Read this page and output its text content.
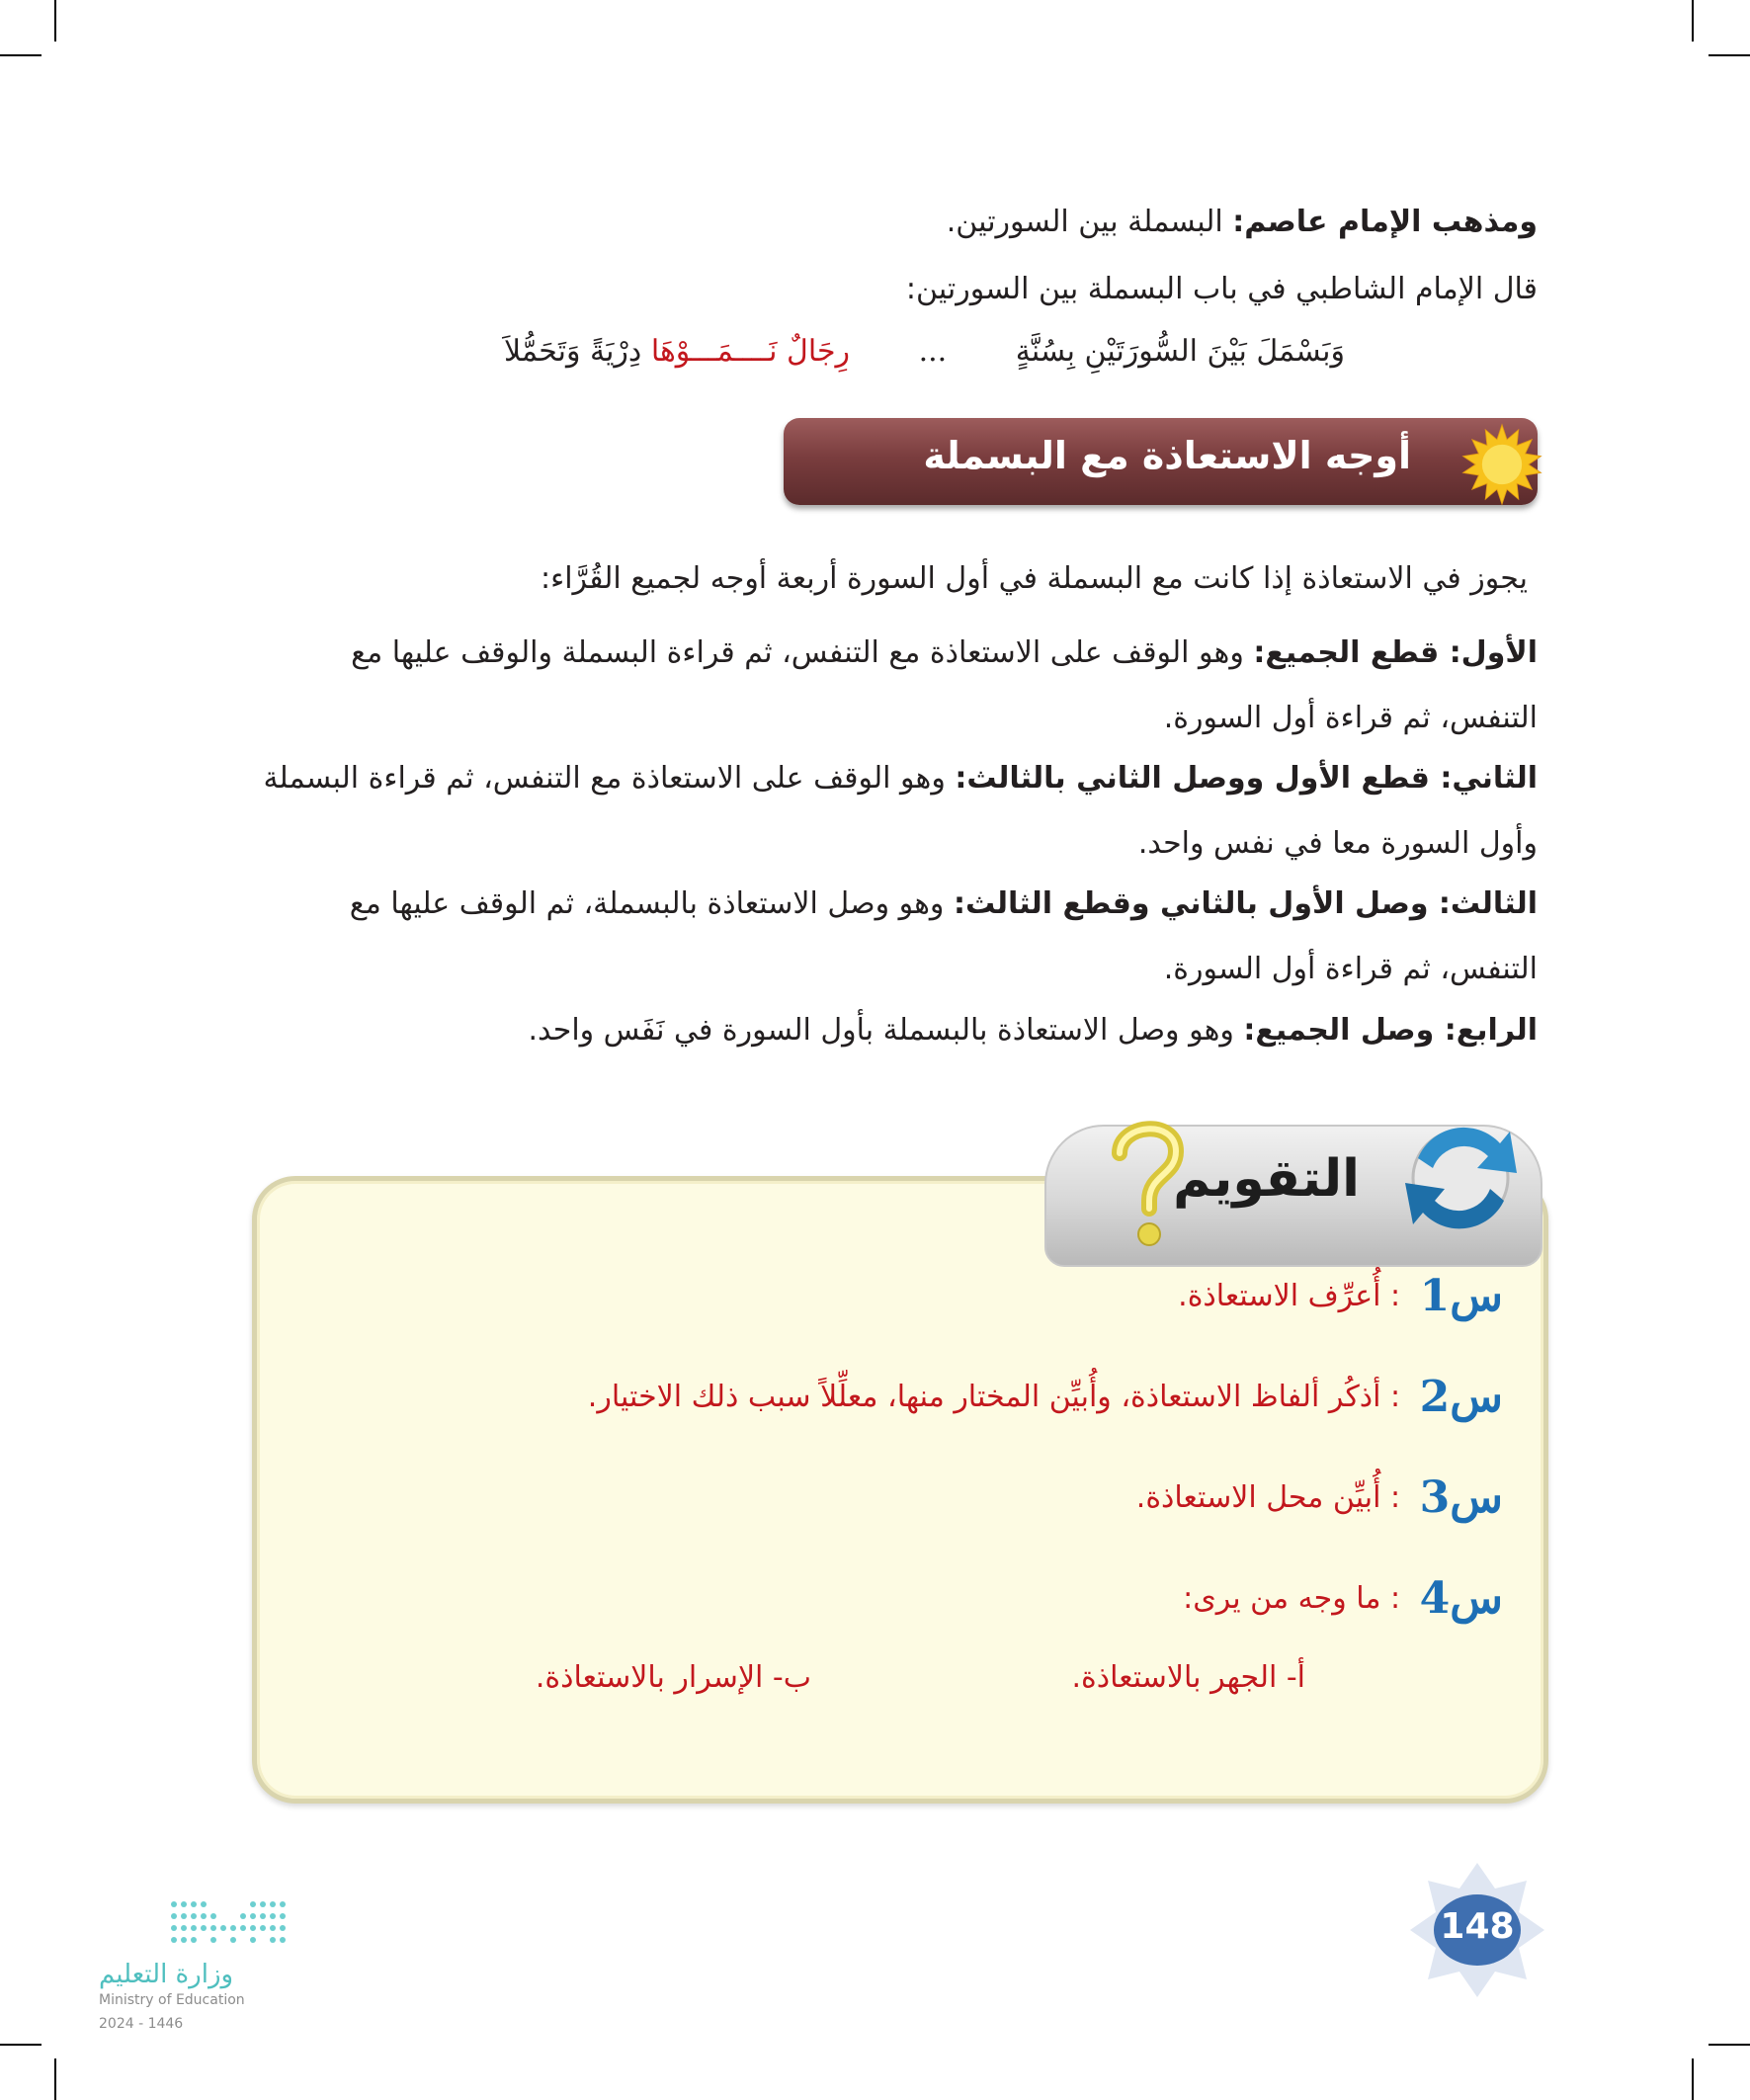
ومذهب الإمام عاصم: البسملة بين السورتين.
قال الإمام الشاطبي في باب البسملة بين السورتين:
وَبَسْمَلَ بَيْنَ السُّورَتَيْنِ بِسُنَّةٍ
...
رِجَالٌ نَــــمَـــوْهَا دِرْيَةً وَتَحَمُّلاَ
أوجه الاستعاذة مع البسملة
يجوز في الاستعاذة إذا كانت مع البسملة في أول السورة أربعة أوجه لجميع القُرَّاء:
الأول: قطع الجميع: وهو الوقف على الاستعاذة مع التنفس، ثم قراءة البسملة والوقف عليها مع التنفس، ثم قراءة أول السورة.
الثاني: قطع الأول ووصل الثاني بالثالث: وهو الوقف على الاستعاذة مع التنفس، ثم قراءة البسملة وأول السورة معا في نفس واحد.
الثالث: وصل الأول بالثاني وقطع الثالث: وهو وصل الاستعاذة بالبسملة، ثم الوقف عليها مع التنفس، ثم قراءة أول السورة.
الرابع: وصل الجميع: وهو وصل الاستعاذة بالبسملة بأول السورة في نَفَس واحد.
التقويم
س1 : أُعرِّف الاستعاذة.
س2 : أذكُر ألفاظ الاستعاذة، وأُبيِّن المختار منها، معلِّلاً سبب ذلك الاختيار.
س3 : أُبيِّن محل الاستعاذة.
س4 : ما وجه من يرى:
أ- الجهر بالاستعاذة.
ب- الإسرار بالاستعاذة.
148
وزارة التعليم
Ministry of Education
2024 - 1446
